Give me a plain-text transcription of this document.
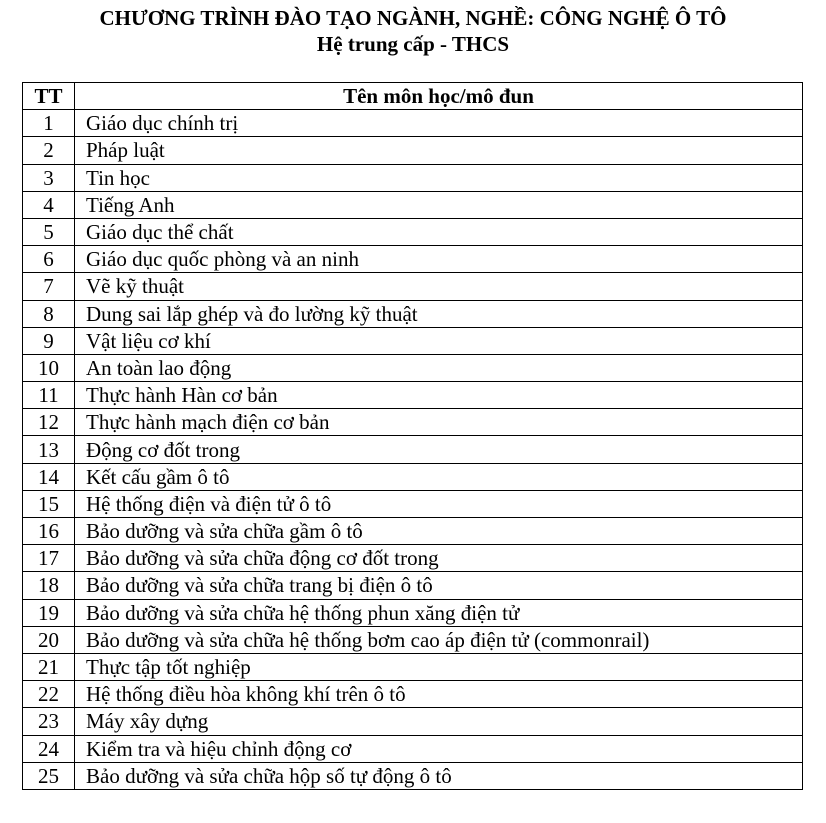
CHƯƠNG TRÌNH ĐÀO TẠO NGÀNH, NGHỀ: CÔNG NGHỆ Ô TÔ
Hệ trung cấp - THCS
TT	Tên môn học/mô đun
1	Giáo dục chính trị
2	Pháp luật
3	Tin học
4	Tiếng Anh
5	Giáo dục thể chất
6	Giáo dục quốc phòng và an ninh
7	Vẽ kỹ thuật
8	Dung sai lắp ghép và đo lường kỹ thuật
9	Vật liệu cơ khí
10	An toàn lao động
11	Thực hành Hàn cơ bản
12	Thực hành mạch điện cơ bản
13	Động cơ đốt trong
14	Kết cấu gầm ô tô
15	Hệ thống điện và điện tử ô tô
16	Bảo dưỡng và sửa chữa gầm ô tô
17	Bảo dưỡng và sửa chữa động cơ đốt trong
18	Bảo dưỡng và sửa chữa trang bị điện ô tô
19	Bảo dưỡng và sửa chữa hệ thống phun xăng điện tử
20	Bảo dưỡng và sửa chữa hệ thống bơm cao áp điện tử (commonrail)
21	Thực tập tốt nghiệp
22	Hệ thống điều hòa không khí trên ô tô
23	Máy xây dựng
24	Kiểm tra và hiệu chỉnh động cơ
25	Bảo dưỡng và sửa chữa hộp số tự động ô tô
